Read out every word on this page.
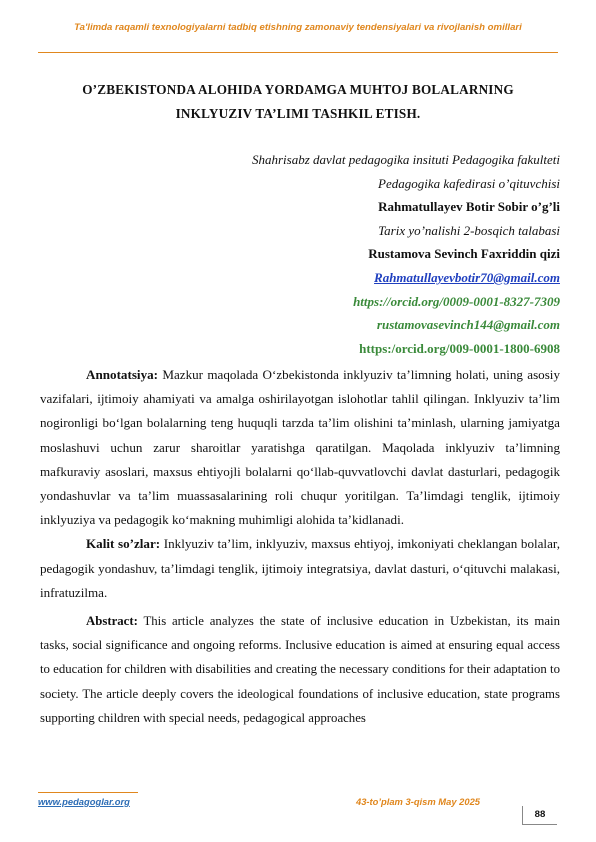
Ta'limda raqamli texnologiyalarni tadbiq etishning zamonaviy tendensiyalari va rivojlanish omillari
O’ZBEKISTONDA ALOHIDA YORDAMGA MUHTOJ BOLALARNING
INKLYUZIV TA’LIMI TASHKIL ETISH.
Shahrisabz davlat pedagogika insituti Pedagogika fakulteti
Pedagogika kafedirasi o’qituvchisi
Rahmatullayev Botir Sobir o’g’li
Tarix yo’nalishi 2-bosqich talabasi
Rustamova Sevinch Faxriddin qizi
Rahmatullayevbotir70@gmail.com
https://orcid.org/0009-0001-8327-7309
rustamovasevinch144@gmail.com
https:/orcid.org/009-0001-1800-6908

Annotatsiya: Mazkur maqolada O‘zbekistonda inklyuziv ta’limning holati, uning asosiy vazifalari, ijtimoiy ahamiyati va amalga oshirilayotgan islohotlar tahlil qilingan. Inklyuziv ta’lim nogironligi bo‘lgan bolalarning teng huquqli tarzda ta’lim olishini ta’minlash, ularning jamiyatga moslashuvi uchun zarur sharoitlar yaratishga qaratilgan. Maqolada inklyuziv ta’limning mafkuraviy asoslari, maxsus ehtiyojli bolalarni qo‘llab-quvvatlovchi davlat dasturlari, pedagogik yondashuvlar va ta’lim muassasalarining roli chuqur yoritilgan. Ta’limdagi tenglik, ijtimoiy inklyuziya va pedagogik ko‘makning muhimligi alohida ta’kidlanadi.

Kalit so’zlar: Inklyuziv ta’lim, inklyuziv, maxsus ehtiyoj, imkoniyati cheklangan bolalar, pedagogik yondashuv, ta’limdagi tenglik, ijtimoiy integratsiya, davlat dasturi, o‘qituvchi malakasi, infratuzilma.

Abstract: This article analyzes the state of inclusive education in Uzbekistan, its main tasks, social significance and ongoing reforms. Inclusive education is aimed at ensuring equal access to education for children with disabilities and creating the necessary conditions for their adaptation to society. The article deeply covers the ideological foundations of inclusive education, state programs supporting children with special needs, pedagogical approaches

www.pedagoglar.org	43-to’plam 3-qism May 2025
88
